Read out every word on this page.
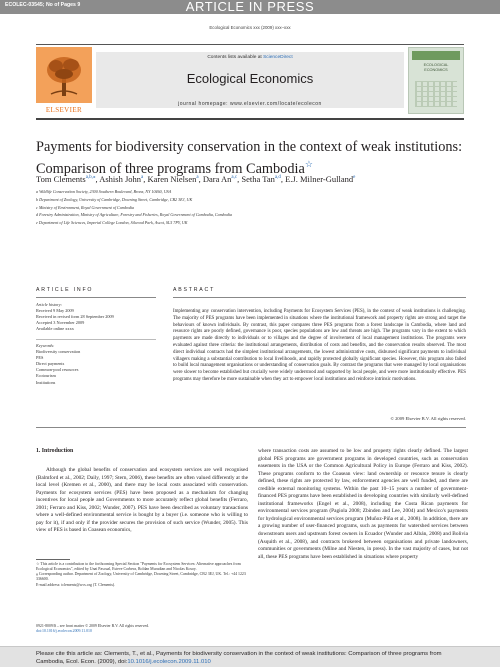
ECOLEC-03545; No of Pages 9	ARTICLE IN PRESS
Ecological Economics xxx (2009) xxx–xxx
ELSEVIER
Contents lists available at ScienceDirect
Ecological Economics
journal homepage: www.elsevier.com/locate/ecolecon
ECOLOGICAL ECONOMICS
Payments for biodiversity conservation in the context of weak institutions:
Comparison of three programs from Cambodia☆
Tom Clements$^{a,b,⁎}$, Ashish John$^a$, Karen Nielsen$^a$, Dara An$^{a,c}$, Setha Tan$^{a,d}$, E.J. Milner-Gulland$^e$
a Wildlife Conservation Society, 2300 Southern Boulevard, Bronx, NY 10460, USA
b Department of Zoology, University of Cambridge, Downing Street, Cambridge, CB2 3EJ, UK
c Ministry of Environment, Royal Government of Cambodia
d Forestry Administration, Ministry of Agriculture, Forestry and Fisheries, Royal Government of Cambodia, Cambodia
e Department of Life Sciences, Imperial College London, Silwood Park, Ascot, SL5 7PY, UK
ARTICLE INFO	ABSTRACT
Article history:
Received 9 May 2009
Received in revised form 28 September 2009
Accepted 3 November 2009
Available online xxxx
Keywords:
Biodiversity conservation
PES
Direct payments
Common-pool resources
Ecotourism
Institutions
Implementing any conservation intervention, including Payments for Ecosystem Services (PES), in the context of weak institutions is challenging. The majority of PES programs have been implemented in situations where the institutional framework and property rights are strong and target the behaviours of known individuals. By contrast, this paper compares three PES programs from a forest landscape in Cambodia, where land and resource rights are poorly defined, governance is poor, species populations are low and threats are high. The programs vary in the extent to which payments are made directly to individuals or to villages and the degree of involvement of local management institutions. The programs were evaluated against three criteria: the institutional arrangements, distribution of costs and benefits, and the conservation results observed. The most direct individual contracts had the simplest institutional arrangements, the lowest administrative costs, disbursed significant payments to individual villagers making a substantial contribution to local livelihoods, and rapidly protected globally significant species. However, this program also failed to build local management organisations or understanding of conservation goals. By contrast the programs that were managed by local organisations were slower to become established but crucially were widely understood and supported by local people, and were more institutionally effective. PES programs may therefore be more sustainable when they act to empower local institutions and reinforce intrinsic motivations.
© 2009 Elsevier B.V. All rights reserved.
1. Introduction
Although the global benefits of conservation and ecosystem services are well recognised (Balmford et al., 2002; Daily, 1997; Stern, 2006), these benefits are often valued differently at the local level (Kremen et al., 2000), and there may be local costs associated with conservation. Payments for ecosystem services (PES) have been proposed as a mechanism for changing incentives for local people and Governments to more accurately reflect global benefits (Ferraro, 2001; Ferraro and Kiss, 2002; Wunder, 2007). PES have been described as voluntary transactions where a well-defined environmental service is bought by a buyer (i.e. someone who is willing to pay for it), if and only if the provider secures the provision of such service (Wunder, 2005). This view of PES is based in Coasean economics,
where transaction costs are assumed to be low and property rights clearly defined. The largest global PES programs are government programs in developed countries, such as conservation easements in the USA or the Common Agricultural Policy in Europe (Ferraro and Kiss, 2002). These programs conform to the Coasean view: land ownership or resource tenure is clearly defined, these rights are protected by law, enforcement agencies are well funded, and there are credible external monitoring systems. Within the past 10–15 years a number of government-financed PES programs have been established in developing countries with similarly well-defined institutional frameworks (Engel et al., 2008), including the Costa Rican payments for environmental services program (Pagiola 2008; Zbinden and Lee, 2004) and Mexico's payments for hydrological environmental services program (Muñoz-Piña et al., 2008). In addition, there are a growing number of user-financed programs, such as payments for watershed services between downstream users and upstream forest owners in Ecuador (Wunder and Albán, 2008) and Bolivia (Asquith et al., 2008), and contracts brokered between organisations and private landowners, communities or governments (Milne and Niesten, in press). In the vast majority of cases, but not all, these PES programs have been established in situations where property
☆ This article is a contribution to the forthcoming Special Section "Payments for Ecosystem Services: Alternative approaches from Ecological Economics", edited by Unai Pascual, Esteve Corbera, Roldan Muradian and Nicolas Kosoy.
⁎ Corresponding author. Department of Zoology, University of Cambridge, Downing Street, Cambridge, CB2 3EJ, UK. Tel.: +44 1223 336600.
E-mail address: tclements@wcs.org (T. Clements).
0921-8009/$ – see front matter © 2009 Elsevier B.V. All rights reserved.
doi:10.1016/j.ecolecon.2009.11.010
Please cite this article as: Clements, T., et al., Payments for biodiversity conservation in the context of weak institutions: Comparison of three programs from Cambodia, Ecol. Econ. (2009), doi:10.1016/j.ecolecon.2009.11.010
